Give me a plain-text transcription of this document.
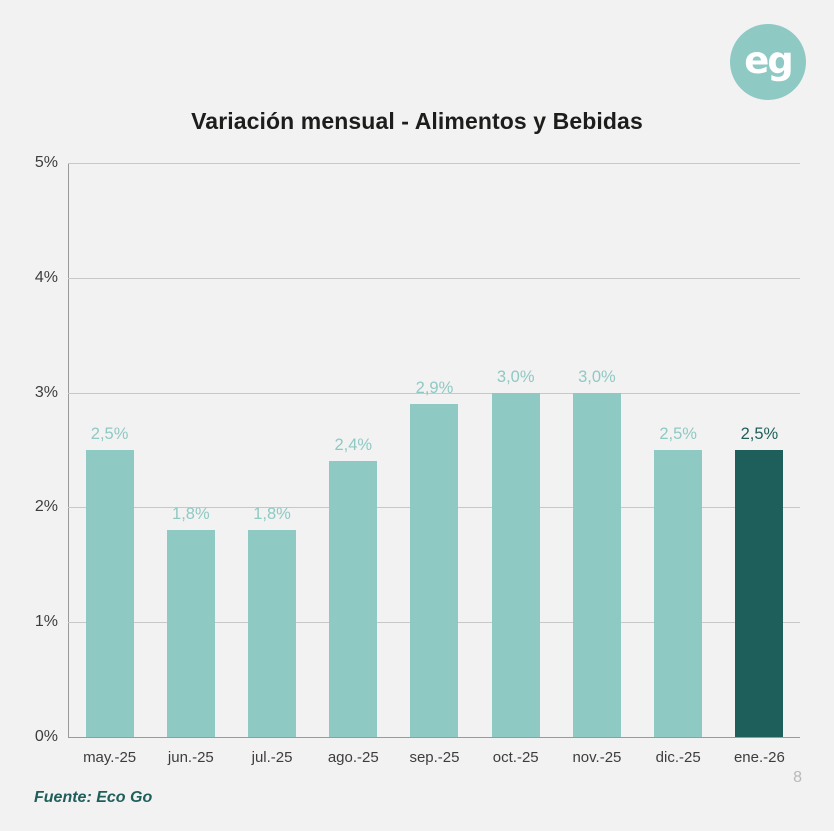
eg
Variación mensual - Alimentos y Bebidas
0%
1%
2%
3%
4%
5%
2,5%
may.-25
1,8%
jun.-25
1,8%
jul.-25
2,4%
ago.-25
2,9%
sep.-25
3,0%
oct.-25
3,0%
nov.-25
2,5%
dic.-25
2,5%
ene.-26
Fuente: Eco Go
8
